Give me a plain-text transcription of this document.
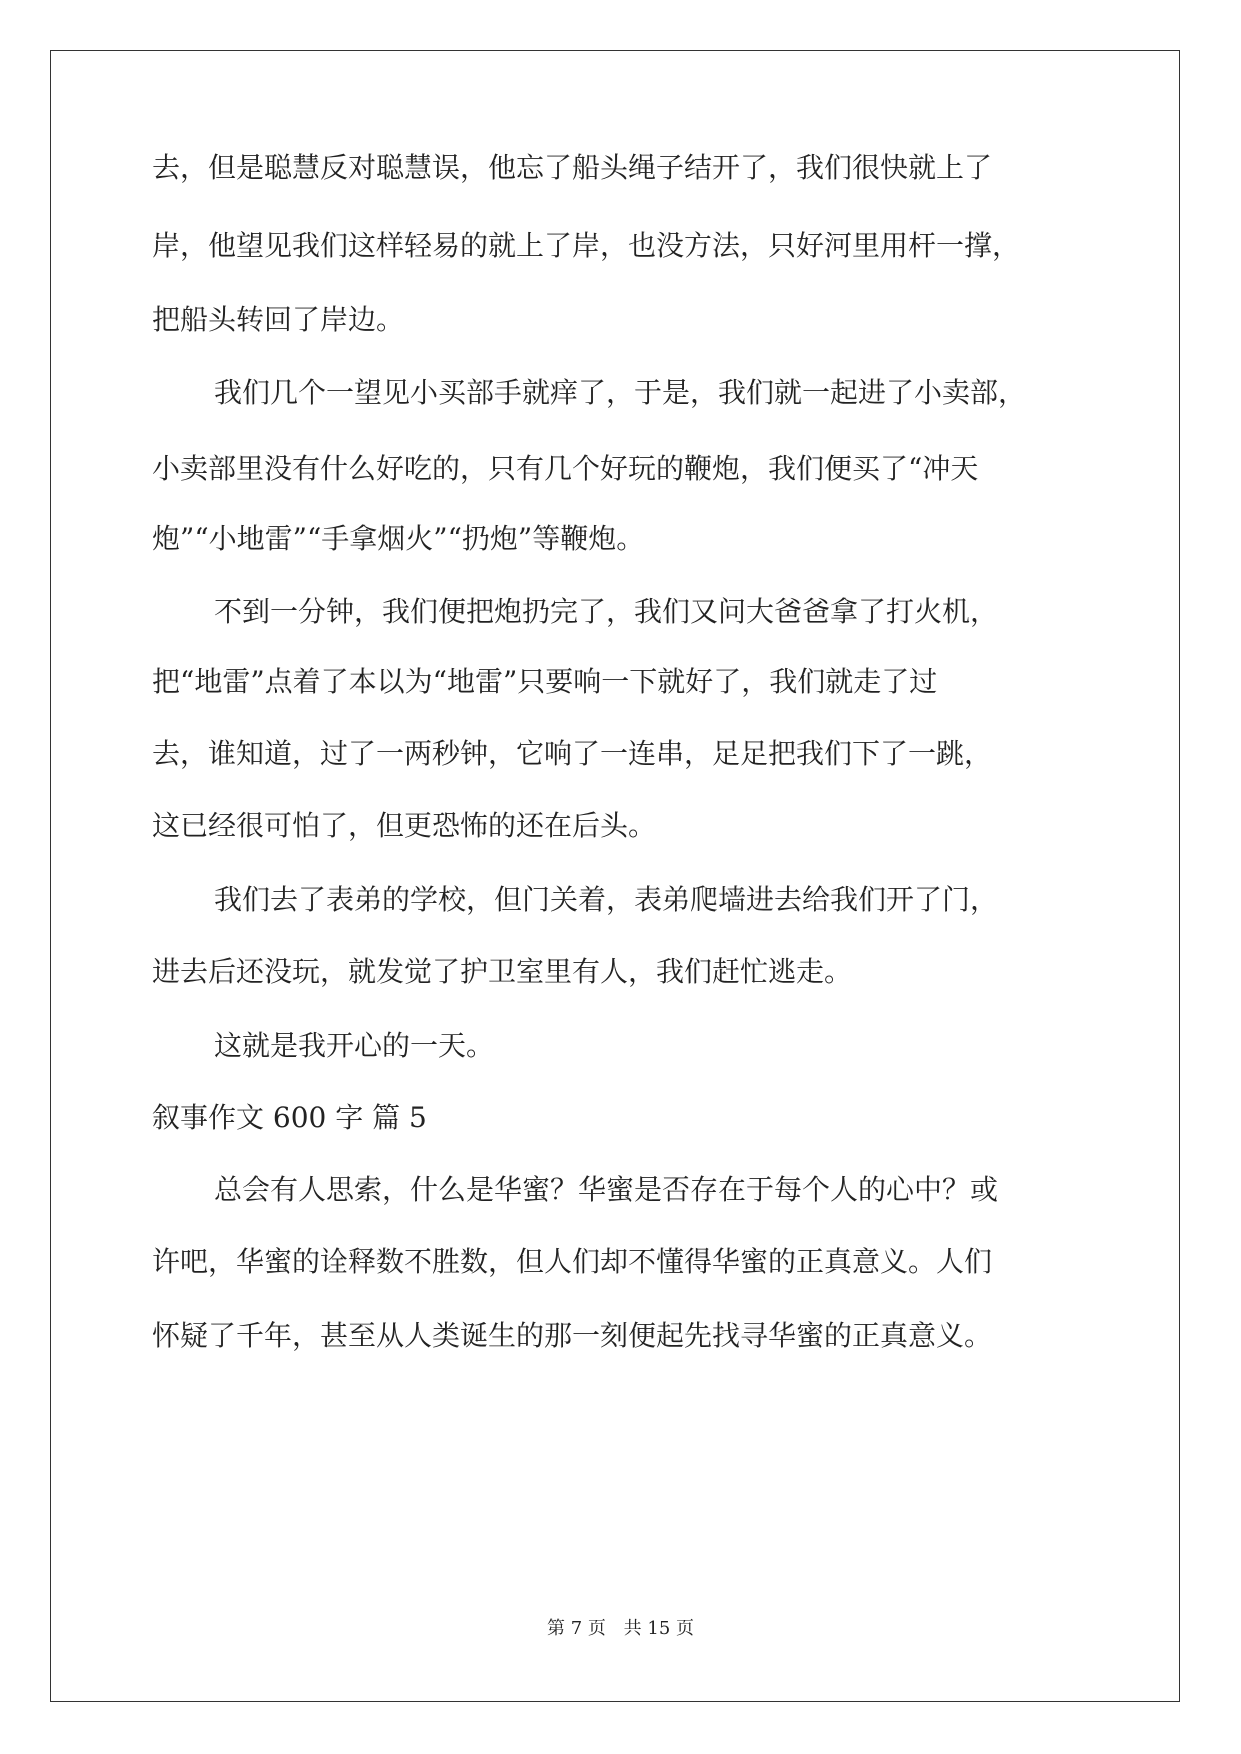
去，但是聪慧反对聪慧误，他忘了船头绳子结开了，我们很快就上了
岸，他望见我们这样轻易的就上了岸，也没方法，只好河里用杆一撑，
把船头转回了岸边。
我们几个一望见小买部手就痒了，于是，我们就一起进了小卖部，
小卖部里没有什么好吃的，只有几个好玩的鞭炮，我们便买了“冲天
炮”“小地雷”“手拿烟火”“扔炮”等鞭炮。
不到一分钟，我们便把炮扔完了，我们又问大爸爸拿了打火机，
把“地雷”点着了本以为“地雷”只要响一下就好了，我们就走了过
去，谁知道，过了一两秒钟，它响了一连串，足足把我们下了一跳，
这已经很可怕了，但更恐怖的还在后头。
我们去了表弟的学校，但门关着，表弟爬墙进去给我们开了门，
进去后还没玩，就发觉了护卫室里有人，我们赶忙逃走。
这就是我开心的一天。
叙事作文 600 字 篇 5
总会有人思索，什么是华蜜？华蜜是否存在于每个人的心中？或
许吧，华蜜的诠释数不胜数，但人们却不懂得华蜜的正真意义。人们
怀疑了千年，甚至从人类诞生的那一刻便起先找寻华蜜的正真意义。
第 7 页 共 15 页
